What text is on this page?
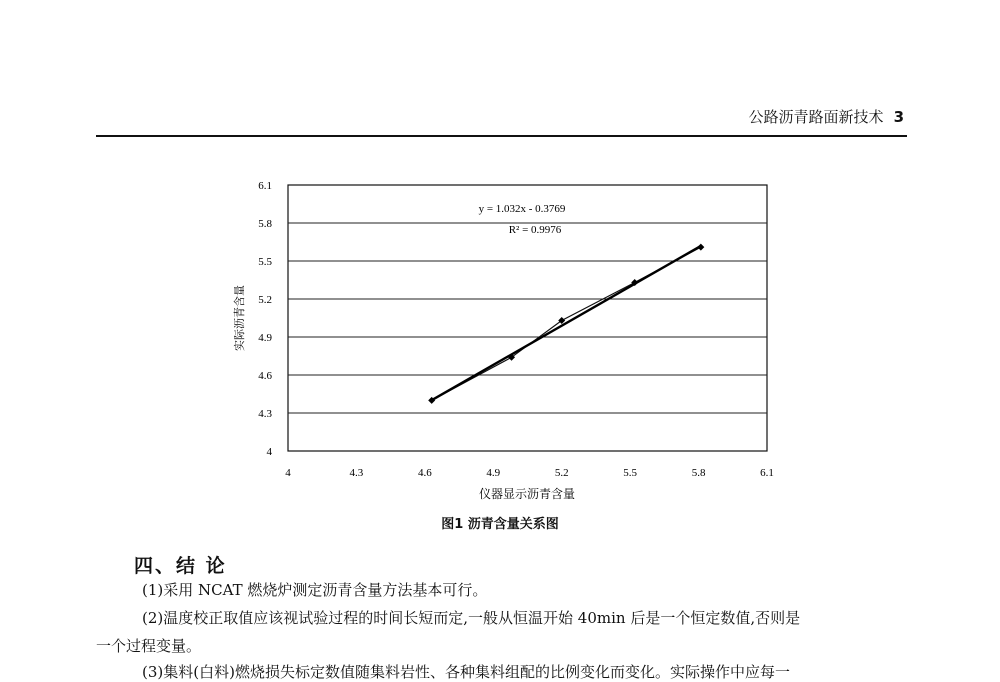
公路沥青路面新技术 3
4
4.3
4.6
4.9
5.2
5.5
5.8
6.1
4	4.3	4.6	4.9	5.2	5.5	5.8	6.1
y = 1.032x - 0.3769
R² = 0.9976
仪器显示沥青含量
实际沥青含量
图1 沥青含量关系图
四、结 论
(1)采用 NCAT 燃烧炉测定沥青含量方法基本可行。
(2)温度校正取值应该视试验过程的时间长短而定,一般从恒温开始 40min 后是一个恒定数值,否则是
一个过程变量。
(3)集料(白料)燃烧损失标定数值随集料岩性、各种集料组配的比例变化而变化。实际操作中应每一
